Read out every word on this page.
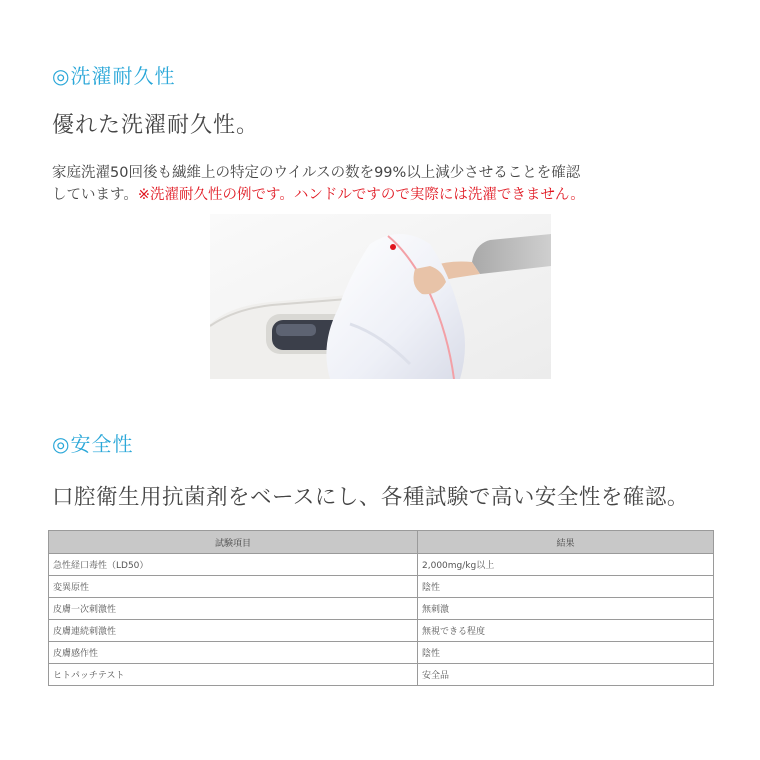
◎洗濯耐久性
優れた洗濯耐久性。

家庭洗濯50回後も繊維上の特定のウイルスの数を99%以上減少させることを確認
しています。※洗濯耐久性の例です。ハンドルですので実際には洗濯できません。

◎安全性
口腔衛生用抗菌剤をベースにし、各種試験で高い安全性を確認。
試験項目	結果
急性経口毒性（LD50）	2,000mg/kg以上
変異原性	陰性
皮膚一次刺激性	無刺激
皮膚連続刺激性	無視できる程度
皮膚感作性	陰性
ヒトパッチテスト	安全品
